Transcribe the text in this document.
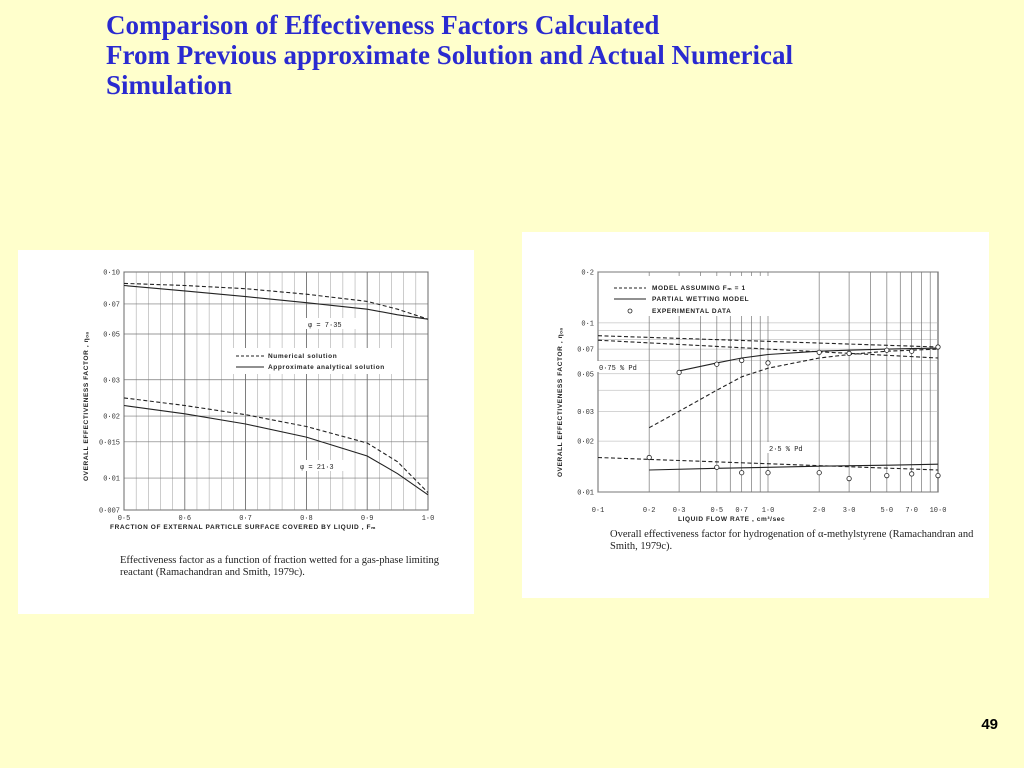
Comparison of Effectiveness Factors Calculated
From Previous approximate Solution and Actual Numerical
Simulation
0·10
0·07
0·05
0·03
0·02
0·015
0·01
0·007
0·5	0·6	0·7	0·8	0·9	1·0
FRACTION OF EXTERNAL PARTICLE SURFACE COVERED BY LIQUID , Fₘ
OVERALL EFFECTIVENESS FACTOR , ηₒₐ	Numerical solution
Approximate analytical solution
φ = 7·35
φ = 21·3
Effectiveness factor as a function of fraction wetted for a gas-phase limiting reactant (Ramachandran and Smith, 1979c).
0·2
0·1
0·07
0·05
0·03
0·02
0·01
0·1	0·2 0·3	0·5 0·7 1·0	2·0 3·0	5·0 7·0 10·0
LIQUID FLOW RATE , cm³/sec
OVERALL EFFECTIVENESS FACTOR , ηₒₐ
MODEL ASSUMING Fₘ = 1
PARTIAL WETTING MODEL
EXPERIMENTAL DATA
0·75 % Pd
2·5 % Pd
Overall effectiveness factor for hydrogenation of α-methylstyrene (Ramachandran and Smith, 1979c).
49
